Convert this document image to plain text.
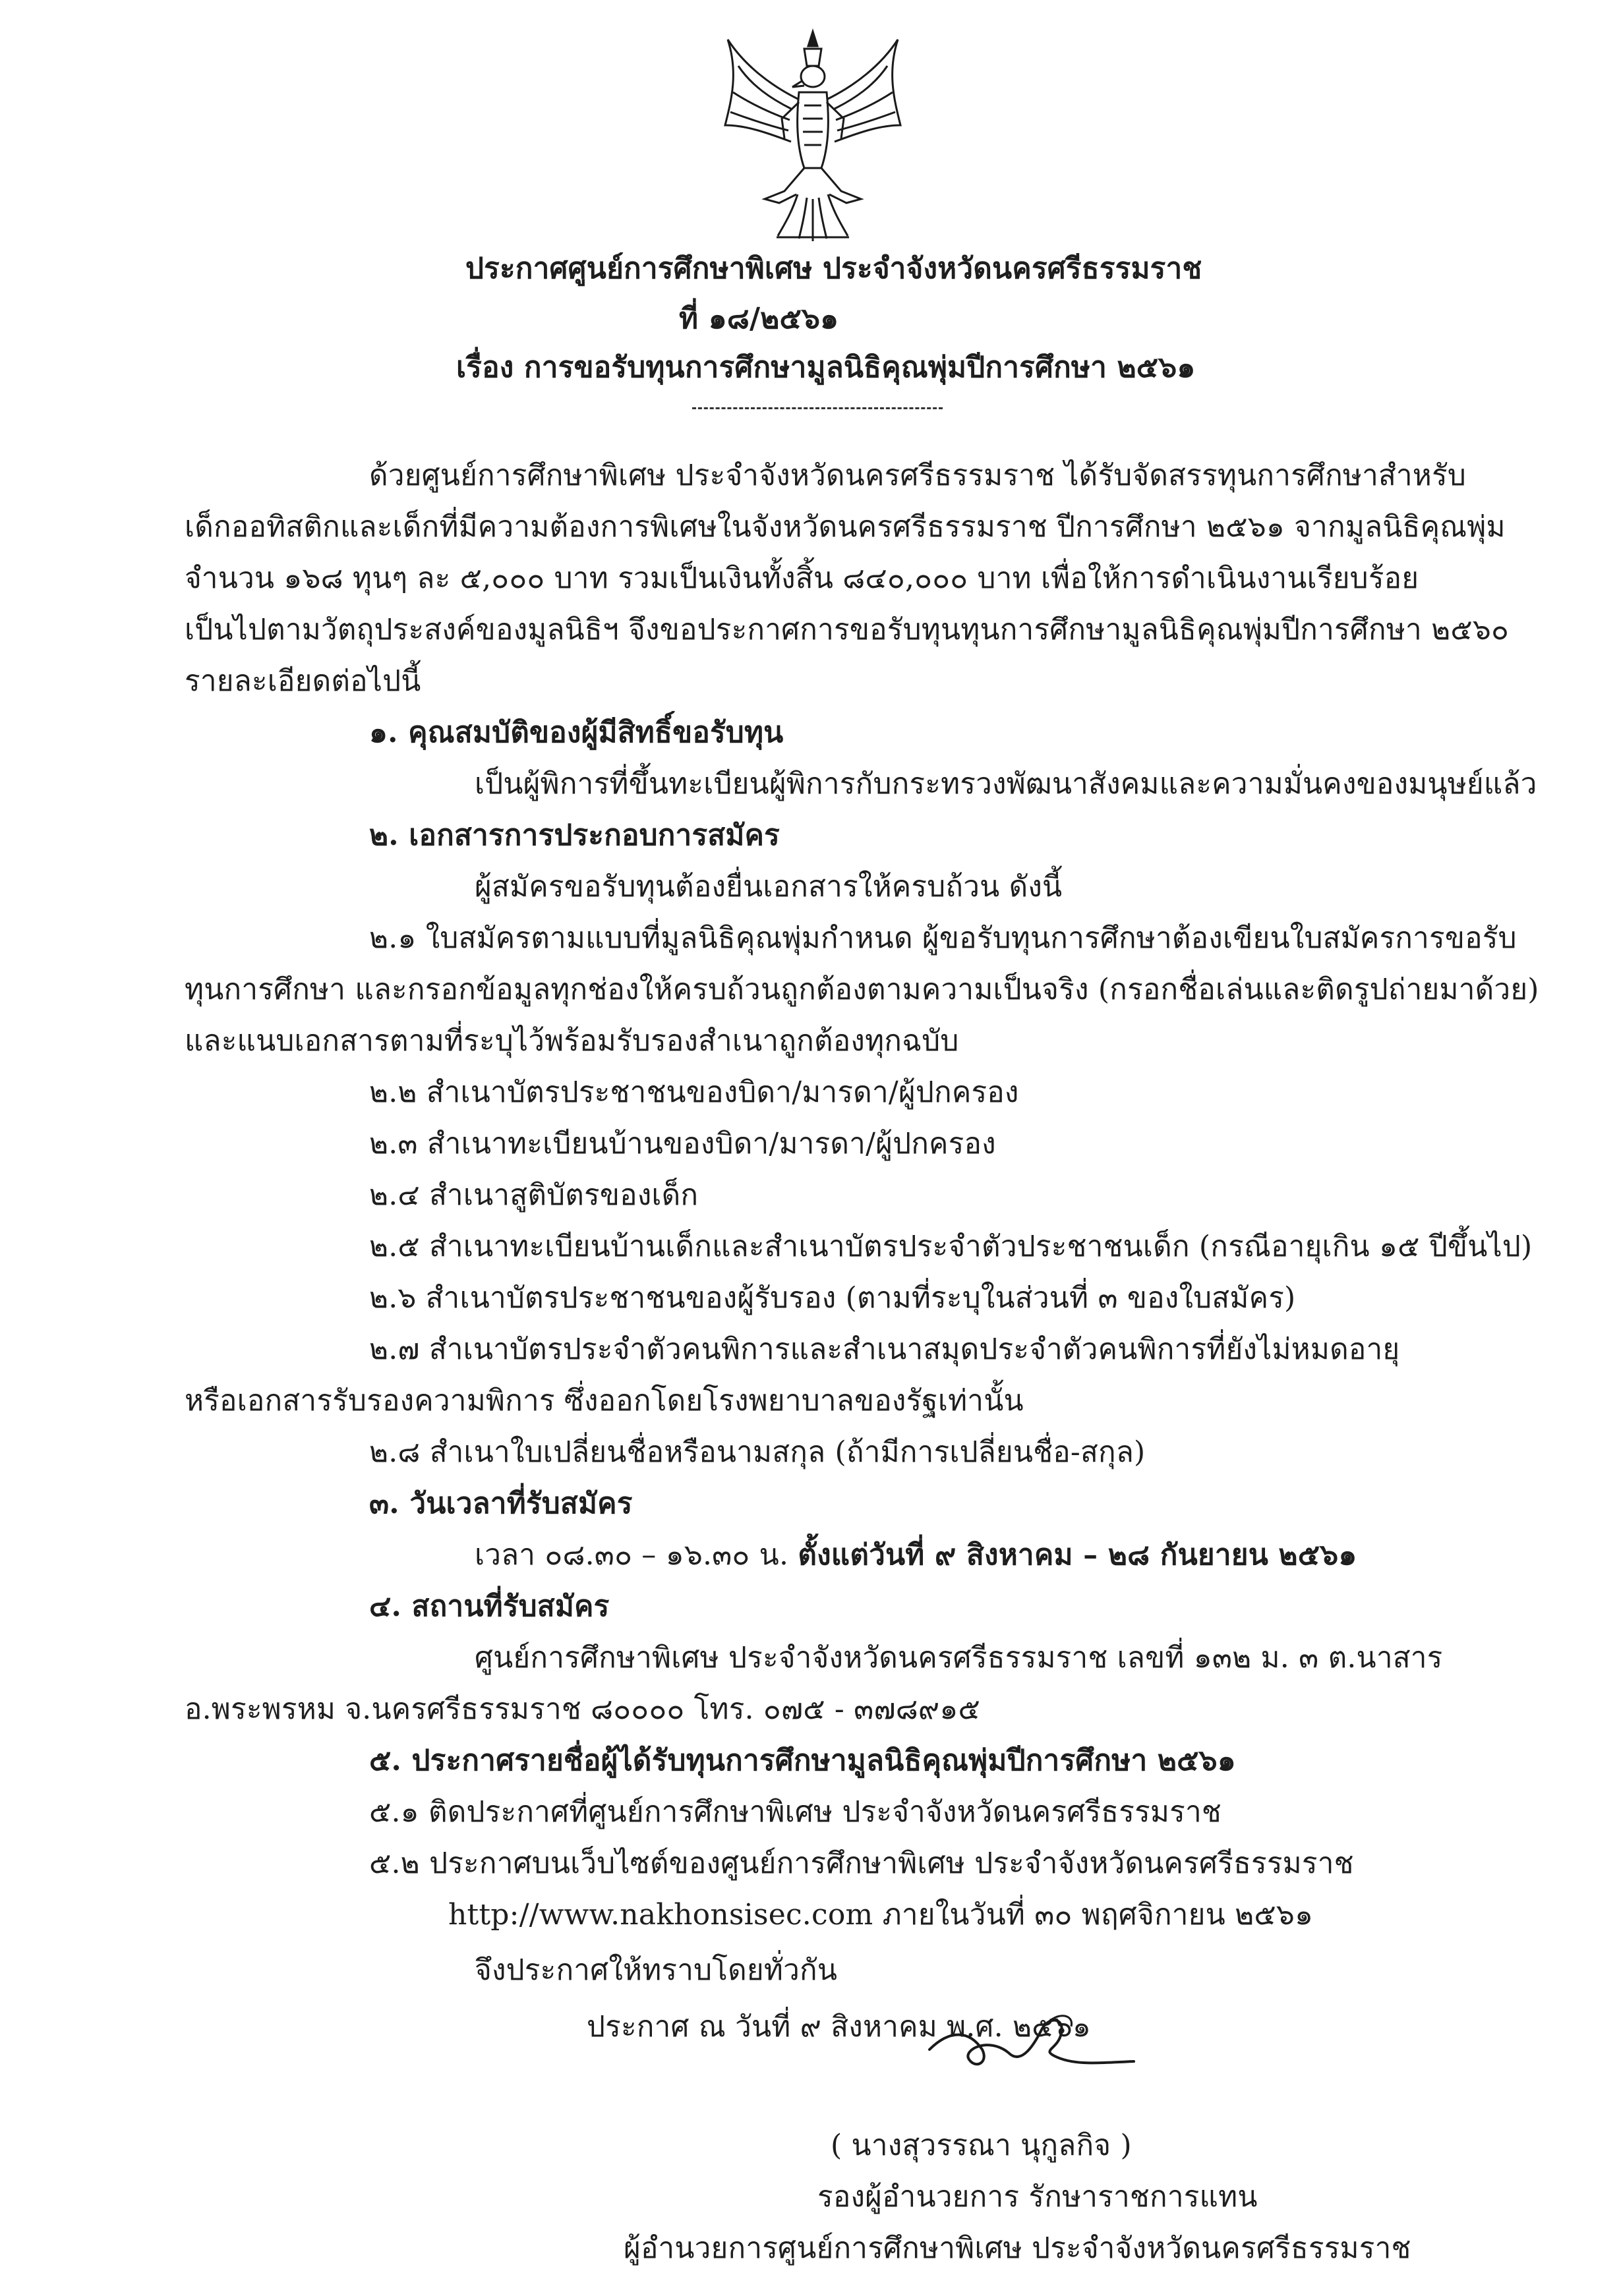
ประกาศศูนย์การศึกษาพิเศษ ประจำจังหวัดนครศรีธรรมราช
ที่ ๑๘/๒๕๖๑
เรื่อง การขอรับทุนการศึกษามูลนิธิคุณพุ่มปีการศึกษา ๒๕๖๑
ด้วยศูนย์การศึกษาพิเศษ ประจำจังหวัดนครศรีธรรมราช ได้รับจัดสรรทุนการศึกษาสำหรับ
เด็กออทิสติกและเด็กที่มีความต้องการพิเศษในจังหวัดนครศรีธรรมราช ปีการศึกษา ๒๕๖๑ จากมูลนิธิคุณพุ่ม
จำนวน ๑๖๘ ทุนๆ ละ ๕,๐๐๐ บาท รวมเป็นเงินทั้งสิ้น ๘๔๐,๐๐๐ บาท เพื่อให้การดำเนินงานเรียบร้อย
เป็นไปตามวัตถุประสงค์ของมูลนิธิฯ จึงขอประกาศการขอรับทุนทุนการศึกษามูลนิธิคุณพุ่มปีการศึกษา ๒๕๖๐
รายละเอียดต่อไปนี้
๑. คุณสมบัติของผู้มีสิทธิ์ขอรับทุน
เป็นผู้พิการที่ขึ้นทะเบียนผู้พิการกับกระทรวงพัฒนาสังคมและความมั่นคงของมนุษย์แล้ว
๒. เอกสารการประกอบการสมัคร
ผู้สมัครขอรับทุนต้องยื่นเอกสารให้ครบถ้วน ดังนี้
๒.๑ ใบสมัครตามแบบที่มูลนิธิคุณพุ่มกำหนด ผู้ขอรับทุนการศึกษาต้องเขียนใบสมัครการขอรับ
ทุนการศึกษา และกรอกข้อมูลทุกช่องให้ครบถ้วนถูกต้องตามความเป็นจริง (กรอกชื่อเล่นและติดรูปถ่ายมาด้วย)
และแนบเอกสารตามที่ระบุไว้พร้อมรับรองสำเนาถูกต้องทุกฉบับ
๒.๒ สำเนาบัตรประชาชนของบิดา/มารดา/ผู้ปกครอง
๒.๓ สำเนาทะเบียนบ้านของบิดา/มารดา/ผู้ปกครอง
๒.๔ สำเนาสูติบัตรของเด็ก
๒.๕ สำเนาทะเบียนบ้านเด็กและสำเนาบัตรประจำตัวประชาชนเด็ก (กรณีอายุเกิน ๑๕ ปีขึ้นไป)
๒.๖ สำเนาบัตรประชาชนของผู้รับรอง (ตามที่ระบุในส่วนที่ ๓ ของใบสมัคร)
๒.๗ สำเนาบัตรประจำตัวคนพิการและสำเนาสมุดประจำตัวคนพิการที่ยังไม่หมดอายุ
หรือเอกสารรับรองความพิการ ซึ่งออกโดยโรงพยาบาลของรัฐเท่านั้น
๒.๘ สำเนาใบเปลี่ยนชื่อหรือนามสกุล (ถ้ามีการเปลี่ยนชื่อ-สกุล)
๓. วันเวลาที่รับสมัคร
เวลา ๐๘.๓๐ – ๑๖.๓๐ น. ตั้งแต่วันที่ ๙ สิงหาคม – ๒๘ กันยายน ๒๕๖๑
๔. สถานที่รับสมัคร
ศูนย์การศึกษาพิเศษ ประจำจังหวัดนครศรีธรรมราช เลขที่ ๑๓๒ ม. ๓ ต.นาสาร
อ.พระพรหม จ.นครศรีธรรมราช ๘๐๐๐๐ โทร. ๐๗๕ - ๓๗๘๙๑๕
๕. ประกาศรายชื่อผู้ได้รับทุนการศึกษามูลนิธิคุณพุ่มปีการศึกษา ๒๕๖๑
๕.๑ ติดประกาศที่ศูนย์การศึกษาพิเศษ ประจำจังหวัดนครศรีธรรมราช
๕.๒ ประกาศบนเว็บไซต์ของศูนย์การศึกษาพิเศษ ประจำจังหวัดนครศรีธรรมราช
http://www.nakhonsisec.com ภายในวันที่ ๓๐ พฤศจิกายน ๒๕๖๑
จึงประกาศให้ทราบโดยทั่วกัน
ประกาศ ณ วันที่ ๙ สิงหาคม พ.ศ. ๒๕๖๑
( นางสุวรรณา นุกูลกิจ )
รองผู้อำนวยการ รักษาราชการแทน
ผู้อำนวยการศูนย์การศึกษาพิเศษ ประจำจังหวัดนครศรีธรรมราช
